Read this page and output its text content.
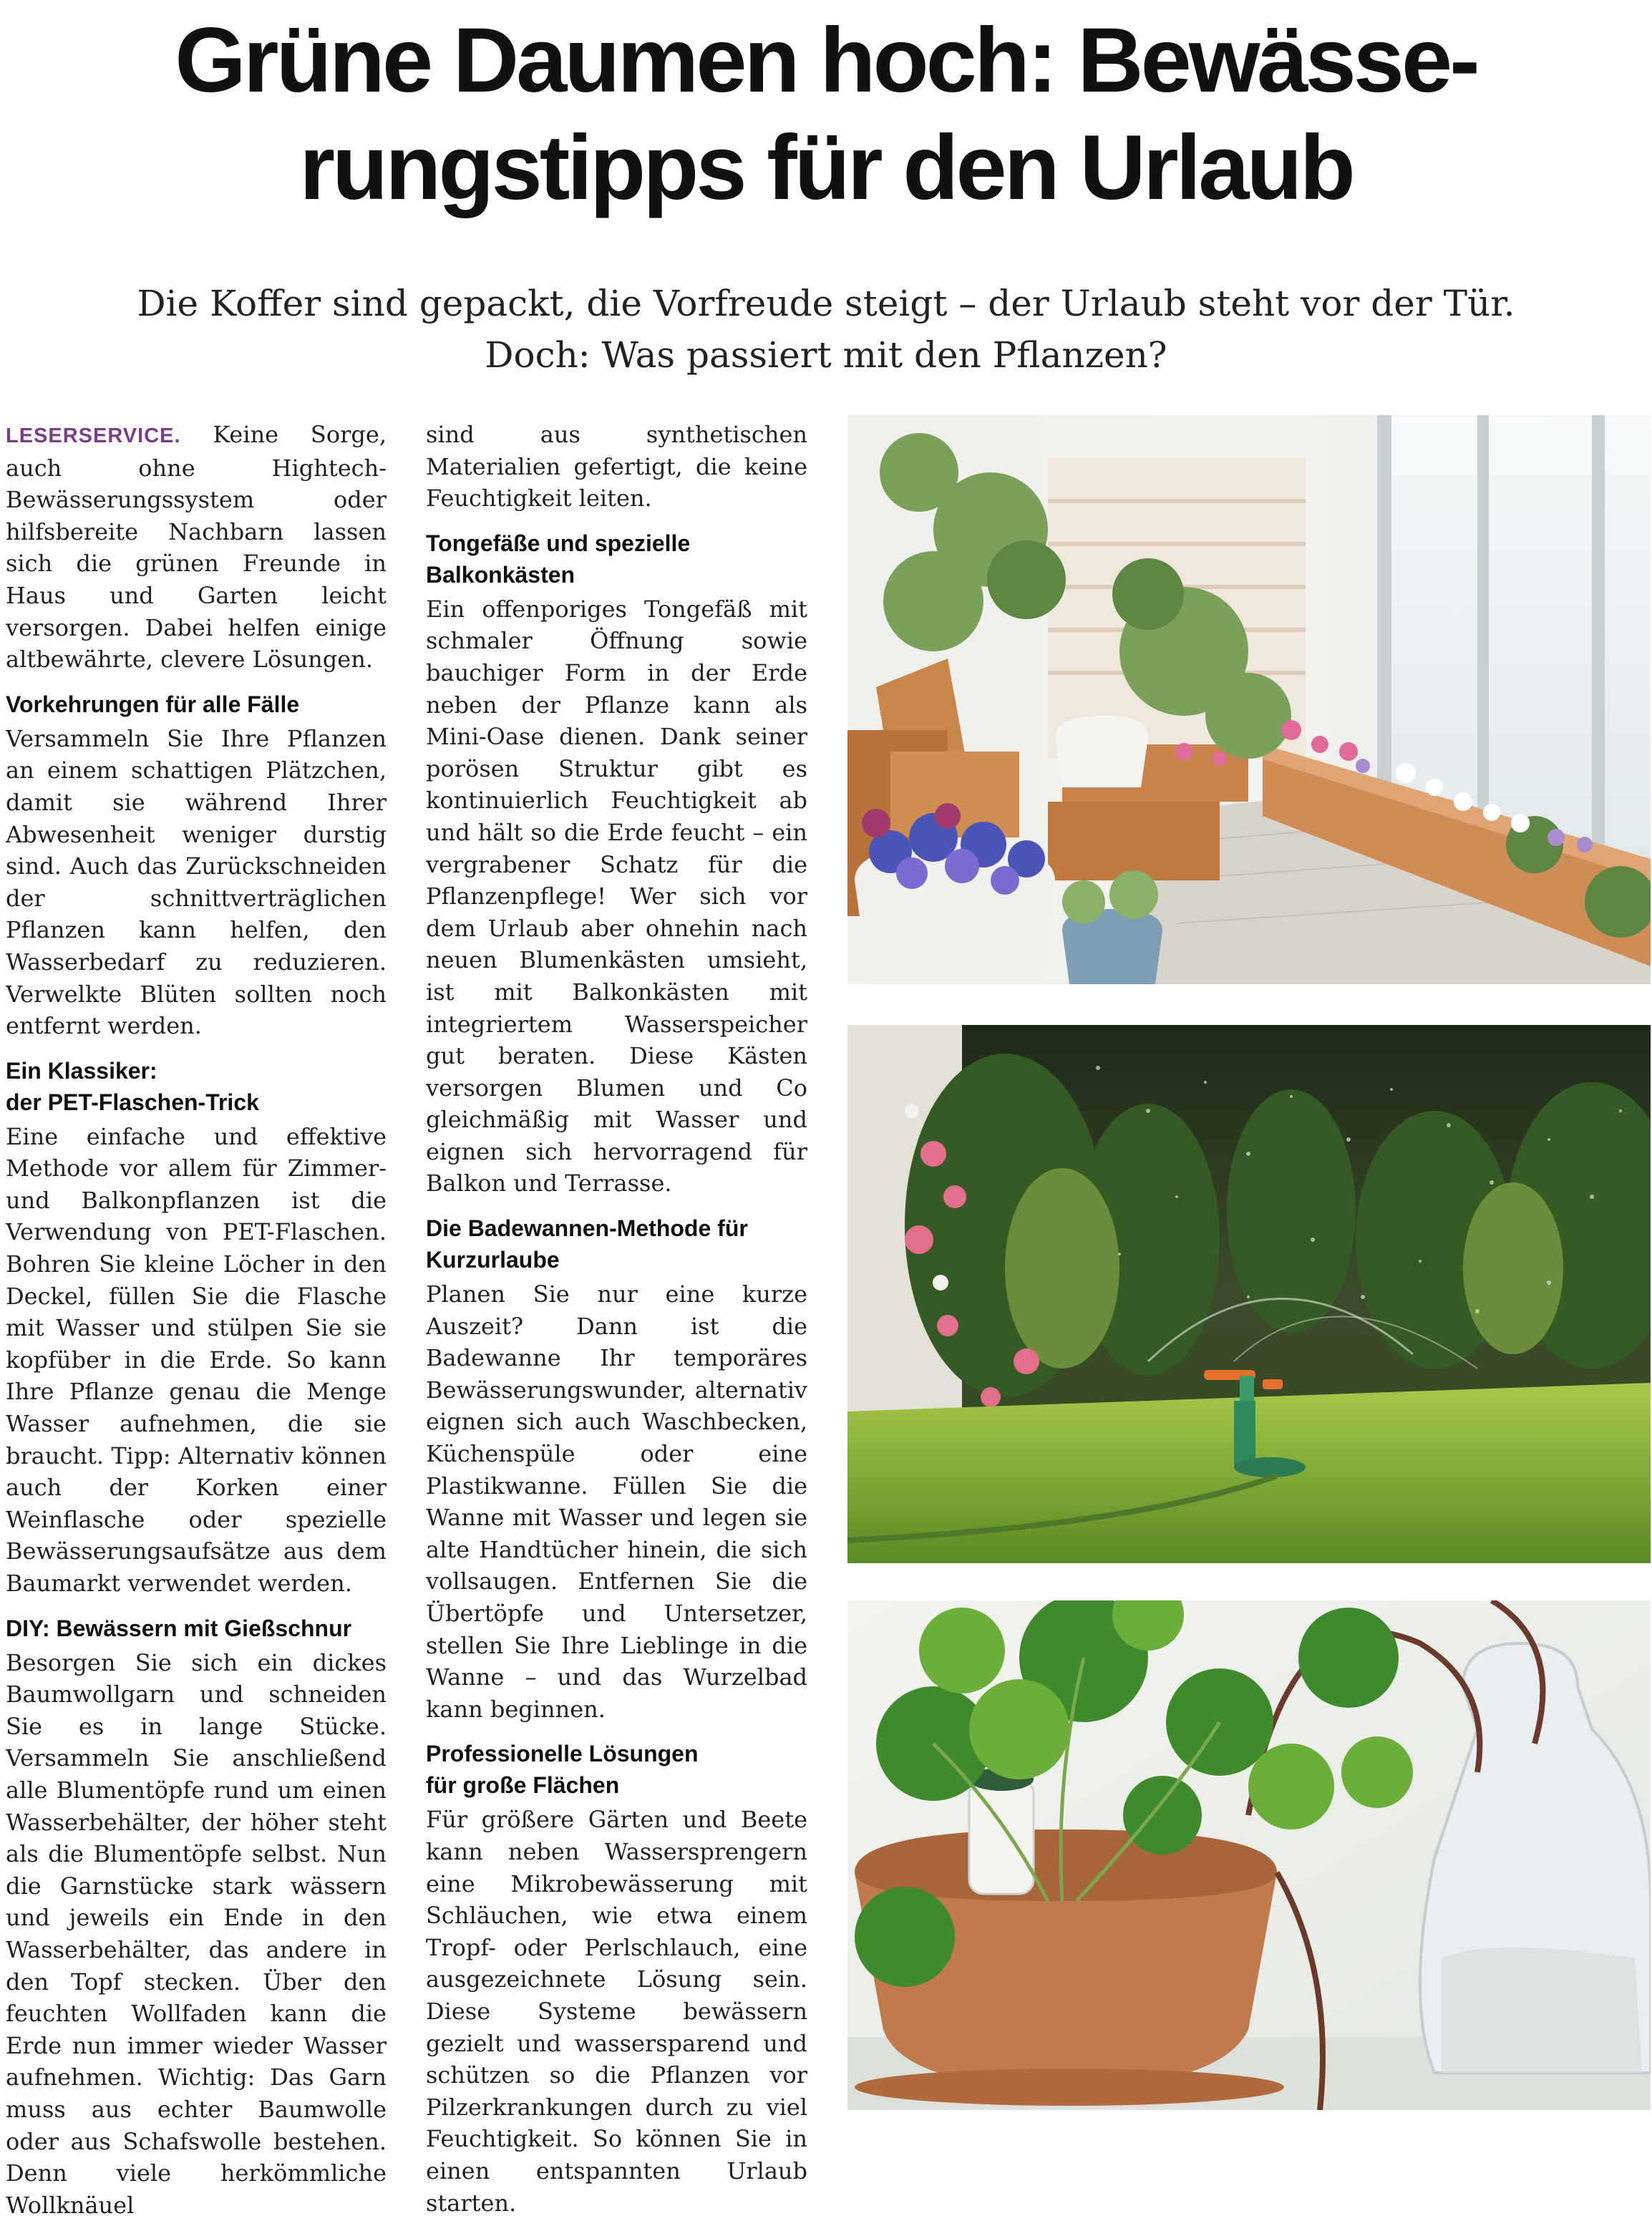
Grüne Daumen hoch: Bewässe-
rungstipps für den Urlaub

Die Koffer sind gepackt, die Vorfreude steigt – der Urlaub steht vor der Tür.
Doch: Was passiert mit den Pflanzen?

LESERSERVICE. Keine Sorge, auch ohne Hightech-Bewässerungssystem oder hilfsbereite Nachbarn lassen sich die grünen Freunde in Haus und Garten leicht versorgen. Dabei helfen einige altbewährte, clevere Lösungen.

Vorkehrungen für alle Fälle

Versammeln Sie Ihre Pflanzen an einem schattigen Plätzchen, damit sie während Ihrer Abwesenheit weniger durstig sind. Auch das Zurückschneiden der schnittverträglichen Pflanzen kann helfen, den Wasserbedarf zu reduzieren. Verwelkte Blüten sollten noch entfernt werden.

Ein Klassiker:
der PET-Flaschen-Trick

Eine einfache und effektive Methode vor allem für Zimmer- und Balkonpflanzen ist die Verwendung von PET-Flaschen. Bohren Sie kleine Löcher in den Deckel, füllen Sie die Flasche mit Wasser und stülpen Sie sie kopfüber in die Erde. So kann Ihre Pflanze genau die Menge Wasser aufnehmen, die sie braucht. Tipp: Alternativ können auch der Korken einer Weinflasche oder spezielle Bewässerungsaufsätze aus dem Baumarkt verwendet werden.

DIY: Bewässern mit Gießschnur

Besorgen Sie sich ein dickes Baumwollgarn und schneiden Sie es in lange Stücke. Versammeln Sie anschließend alle Blumentöpfe rund um einen Wasserbehälter, der höher steht als die Blumentöpfe selbst. Nun die Garnstücke stark wässern und jeweils ein Ende in den Wasserbehälter, das andere in den Topf stecken. Über den feuchten Wollfaden kann die Erde nun immer wieder Wasser aufnehmen. Wichtig: Das Garn muss aus echter Baumwolle oder aus Schafswolle bestehen. Denn viele herkömmliche Wollknäuel

sind aus synthetischen Materialien gefertigt, die keine Feuchtigkeit leiten.

Tongefäße und spezielle
Balkonkästen

Ein offenporiges Tongefäß mit schmaler Öffnung sowie bauchiger Form in der Erde neben der Pflanze kann als Mini-Oase dienen. Dank seiner porösen Struktur gibt es kontinuierlich Feuchtigkeit ab und hält so die Erde feucht – ein vergrabener Schatz für die Pflanzenpflege! Wer sich vor dem Urlaub aber ohnehin nach neuen Blumenkästen umsieht, ist mit Balkonkästen mit integriertem Wasserspeicher gut beraten. Diese Kästen versorgen Blumen und Co gleichmäßig mit Wasser und eignen sich hervorragend für Balkon und Terrasse.

Die Badewannen-Methode für
Kurzurlaube

Planen Sie nur eine kurze Auszeit? Dann ist die Badewanne Ihr temporäres Bewässerungswunder, alternativ eignen sich auch Waschbecken, Küchenspüle oder eine Plastikwanne. Füllen Sie die Wanne mit Wasser und legen sie alte Handtücher hinein, die sich vollsaugen. Entfernen Sie die Übertöpfe und Untersetzer, stellen Sie Ihre Lieblinge in die Wanne – und das Wurzelbad kann beginnen.

Professionelle Lösungen
für große Flächen

Für größere Gärten und Beete kann neben Wassersprengern eine Mikrobewässerung mit Schläuchen, wie etwa einem Tropf- oder Perlschlauch, eine ausgezeichnete Lösung sein. Diese Systeme bewässern gezielt und wassersparend und schützen so die Pflanzen vor Pilzerkrankungen durch zu viel Feuchtigkeit. So können Sie in einen entspannten Urlaub starten.
